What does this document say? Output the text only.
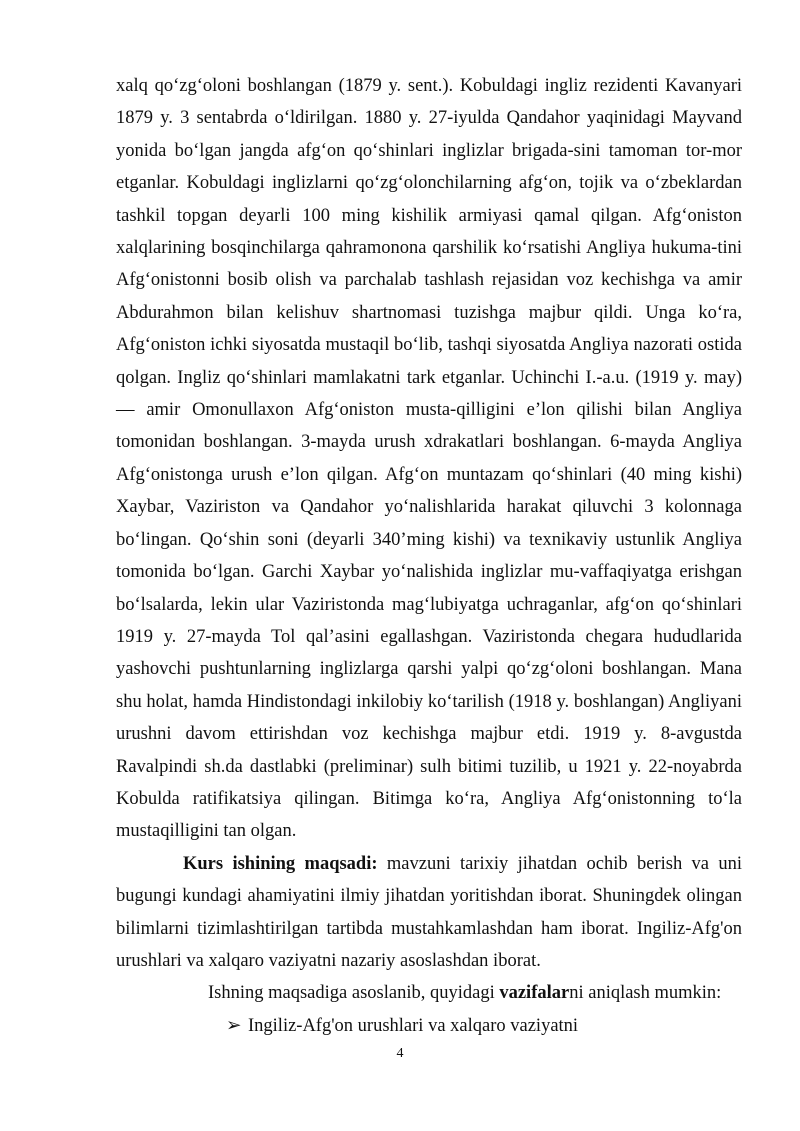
xalq qo‘zg‘oloni boshlangan (1879 y. sent.). Kobuldagi ingliz rezidenti Kavanyari 1879 y. 3 sentabrda o‘ldirilgan. 1880 y. 27-iyulda Qandahor yaqinidagi Mayvand yonida bo‘lgan jangda afg‘on qo‘shinlari inglizlar brigada-sini tamoman tor-mor etganlar. Kobuldagi inglizlarni qo‘zg‘olonchilarning afg‘on, tojik va o‘zbeklardan tashkil topgan deyarli 100 ming kishilik armiyasi qamal qilgan. Afg‘oniston xalqlarining bosqinchilarga qahramonona qarshilik ko‘rsatishi Angliya hukuma-tini Afg‘onistonni bosib olish va parchalab tashlash rejasidan voz kechishga va amir Abdurahmon bilan kelishuv shartnomasi tuzishga majbur qildi. Unga ko‘ra, Afg‘oniston ichki siyosatda mustaqil bo‘lib, tashqi siyosatda Angliya nazorati ostida qolgan. Ingliz qo‘shinlari mamlakatni tark etganlar. Uchinchi I.-a.u. (1919 y. may) — amir Omonullaxon Afg‘oniston musta-qilligini e’lon qilishi bilan Angliya tomonidan boshlangan. 3-mayda urush xdrakatlari boshlangan. 6-mayda Angliya Afg‘onistonga urush e’lon qilgan. Afg‘on muntazam qo‘shinlari (40 ming kishi) Xaybar, Vaziriston va Qandahor yo‘nalishlarida harakat qiluvchi 3 kolonnaga bo‘lingan. Qo‘shin soni (deyarli 340’ming kishi) va texnikaviy ustunlik Angliya tomonida bo‘lgan. Garchi Xaybar yo‘nalishida inglizlar mu-vaffaqiyatga erishgan bo‘lsalarda, lekin ular Vaziristonda mag‘lubiyatga uchraganlar, afg‘on qo‘shinlari 1919 y. 27-mayda Tol qal’asini egallashgan. Vaziristonda chegara hududlarida yashovchi pushtunlarning inglizlarga qarshi yalpi qo‘zg‘oloni boshlangan. Mana shu holat, hamda Hindistondagi inkilobiy ko‘tarilish (1918 y. boshlangan) Angliyani urushni davom ettirishdan voz kechishga majbur etdi. 1919 y. 8-avgustda Ravalpindi sh.da dastlabki (preliminar) sulh bitimi tuzilib, u 1921 y. 22-noyabrda Kobulda ratifikatsiya qilingan. Bitimga ko‘ra, Angliya Afg‘onistonning to‘la mustaqilligini tan olgan.

Kurs ishining maqsadi: mavzuni tarixiy jihatdan ochib berish va uni bugungi kundagi ahamiyatini ilmiy jihatdan yoritishdan iborat. Shuningdek olingan bilimlarni tizimlashtirilgan tartibda mustahkamlashdan ham iborat. Ingiliz-Afg'on urushlari va xalqaro vaziyatni nazariy asoslashdan iborat.

Ishning maqsadiga asoslanib, quyidagi vazifalarni aniqlash mumkin:

➢ Ingiliz-Afg'on urushlari va xalqaro vaziyatni

4
